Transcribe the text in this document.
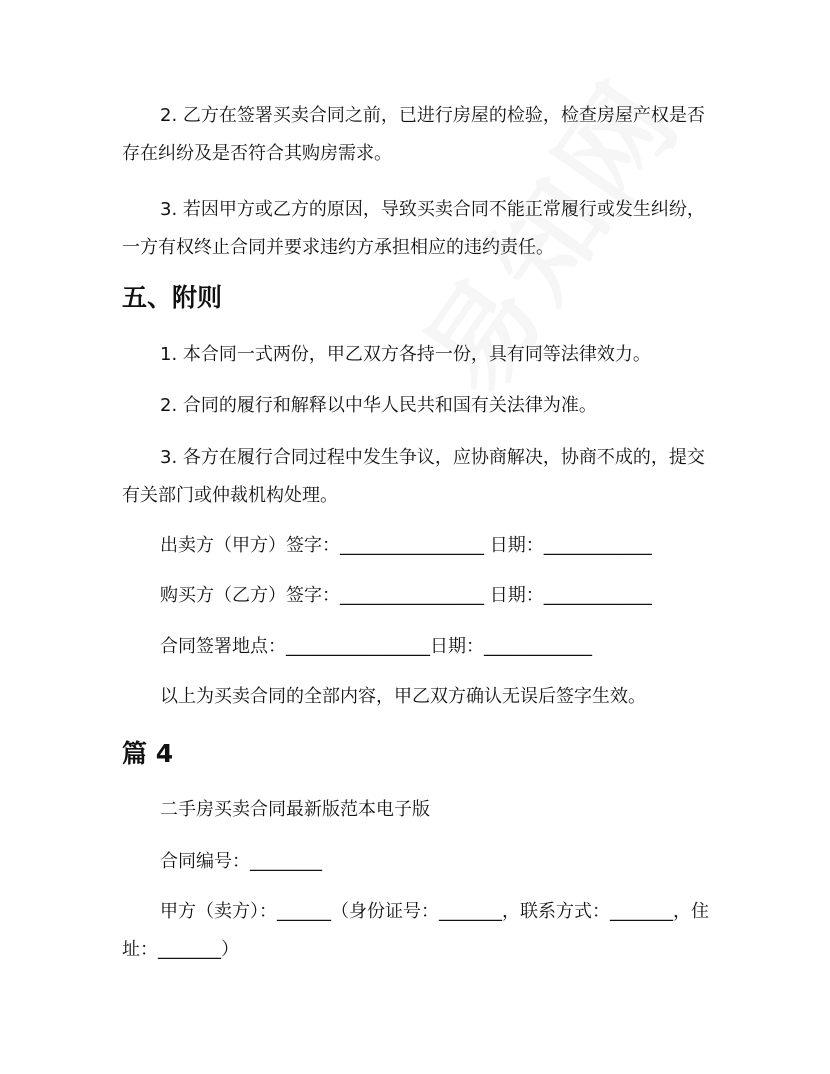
2. 乙方在签署买卖合同之前，已进行房屋的检验，检查房屋产权是否存在纠纷及是否符合其购房需求。

3. 若因甲方或乙方的原因，导致买卖合同不能正常履行或发生纠纷，一方有权终止合同并要求违约方承担相应的违约责任。

五、附则

1. 本合同一式两份，甲乙双方各持一份，具有同等法律效力。

2. 合同的履行和解释以中华人民共和国有关法律为准。

3. 各方在履行合同过程中发生争议，应协商解决，协商不成的，提交有关部门或仲裁机构处理。

出卖方（甲方）签字：________________ 日期：____________

购买方（乙方）签字：________________ 日期：____________

合同签署地点：________________日期：____________

以上为买卖合同的全部内容，甲乙双方确认无误后签字生效。

篇 4

二手房买卖合同最新版范本电子版

合同编号：________

甲方（卖方）：______（身份证号：_______，联系方式：_______，住址：_______）
